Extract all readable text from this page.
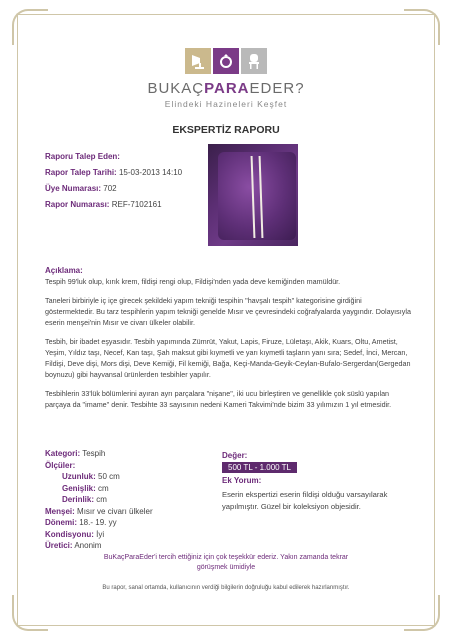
BUKAÇPARAEDER?
Elindeki Hazineleri Keşfet
EKSPERTİZ RAPORU
Raporu Talep Eden:
Rapor Talep Tarihi: 15-03-2013 14:10
Üye Numarası: 702
Rapor Numarası: REF-7102161
Açıklama:

Tespih 99'luk olup, kırık krem, fildişi rengi olup, Fildişi'nden yada deve kemiğinden mamüldür.

Taneleri birbiriyle iç içe girecek şekildeki yapım tekniği tespihin "havşalı tespih" kategorisine girdiğini göstermektedir. Bu tarz tespihlerin yapım tekniği genelde Mısır ve çevresindeki coğrafyalarda yaygındır. Dolayısıyla eserin menşei'nin Mısır ve civarı ülkeler olabilir.

Tesbih, bir ibadet eşyasıdır. Tesbih yapımında Zümrüt, Yakut, Lapis, Firuze, Lületaşı, Akik, Kuars, Oltu, Ametist, Yeşim, Yıldız taşı, Necef, Kan taşı, Şah maksut gibi kıymetli ve yarı kıymetli taşların yanı sıra; Sedef, İnci, Mercan, Fildişi, Deve dişi, Mors dişi, Deve Kemiği, Fil kemiği, Bağa, Keçi-Manda-Geyik-Ceylan-Bufalo-Sergerdan(Gergedan boynuzu) gibi hayvansal ürünlerden tesbihler yapılır.

Tesbihlerin 33'lük bölümlerini ayıran ayrı parçalara "nişane", iki ucu birleştiren ve genellikle çok süslü yapılan parçaya da "imame" denir. Tesbihte 33 sayısının nedeni Kameri Takvimi'nde bizim 33 yılımızın 1 yıl etmesidir.

Kategori: Tespih
Ölçüler:
Uzunluk: 50 cm
Genişlik: cm
Derinlik: cm
Menşei: Mısır ve civarı ülkeler
Dönemi: 18.- 19. yy
Kondisyonu: İyi
Üretici: Anonim
Değer:
500 TL - 1.000 TL
Ek Yorum:
Eserin ekspertizi eserin fildişi olduğu varsayılarak yapılmıştır. Güzel bir koleksiyon objesidir.
BuKaçParaEder'i tercih ettiğiniz için çok teşekkür ederiz. Yakın zamanda tekrar görüşmek ümidiyle
Bu rapor, sanal ortamda, kullanıcının verdiği bilgilerin doğruluğu kabul edilerek hazırlanmıştır.
